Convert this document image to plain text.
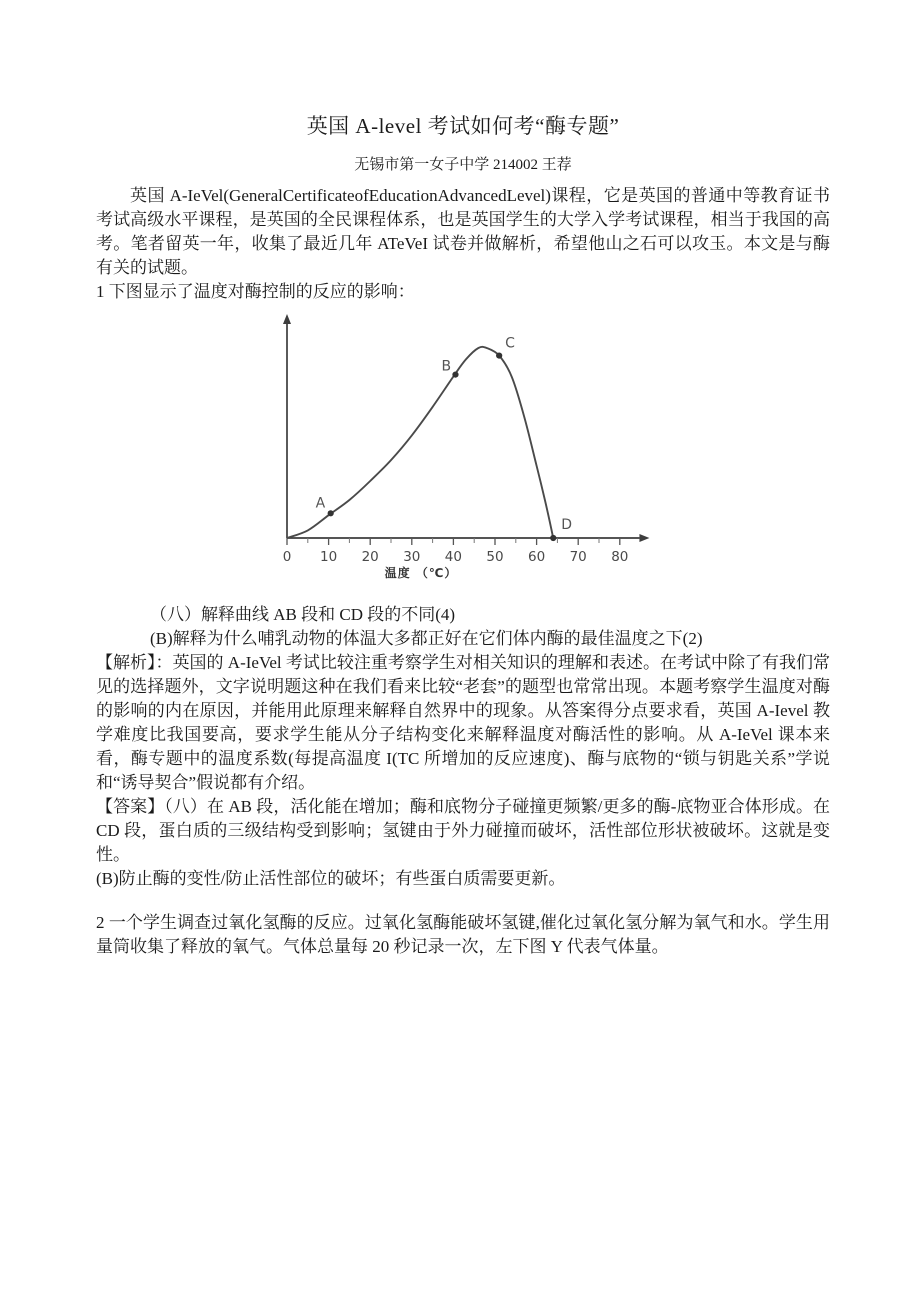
英国 A-level 考试如何考“酶专题”
无锡市第一女子中学 214002 王荐

英国 A-IeVel(GeneralCertificateofEducationAdvancedLevel)课程，它是英国的普通中等教育证书考试高级水平课程，是英国的全民课程体系，也是英国学生的大学入学考试课程，相当于我国的高考。笔者留英一年，收集了最近几年 ATeVeI 试卷并做解析，希望他山之石可以攻玉。本文是与酶有关的试题。

1 下图显示了温度对酶控制的反应的影响：

0 10 20 30 40 50 60 70 80
温度 （℃）
A
B
C
D
（八）解释曲线 AB 段和 CD 段的不同(4)
(B)解释为什么哺乳动物的体温大多都正好在它们体内酶的最佳温度之下(2)

【解析】：英国的 A-IeVel 考试比较注重考察学生对相关知识的理解和表述。在考试中除了有我们常见的选择题外，文字说明题这种在我们看来比较“老套”的题型也常常出现。本题考察学生温度对酶的影响的内在原因，并能用此原理来解释自然界中的现象。从答案得分点要求看，英国 A-Ievel 教学难度比我国要高，要求学生能从分子结构变化来解释温度对酶活性的影响。从 A-IeVel 课本来看，酶专题中的温度系数(每提高温度 I(TC 所增加的反应速度)、酶与底物的“锁与钥匙关系”学说和“诱导契合”假说都有介绍。

【答案】（八）在 AB 段，活化能在增加；酶和底物分子碰撞更频繁/更多的酶-底物亚合体形成。在 CD 段，蛋白质的三级结构受到影响；氢键由于外力碰撞而破坏，活性部位形状被破坏。这就是变性。

(B)防止酶的变性/防止活性部位的破坏；有些蛋白质需要更新。

2 一个学生调查过氧化氢酶的反应。过氧化氢酶能破坏氢键,催化过氧化氢分解为氧气和水。学生用量筒收集了释放的氧气。气体总量每 20 秒记录一次，左下图 Y 代表气体量。
